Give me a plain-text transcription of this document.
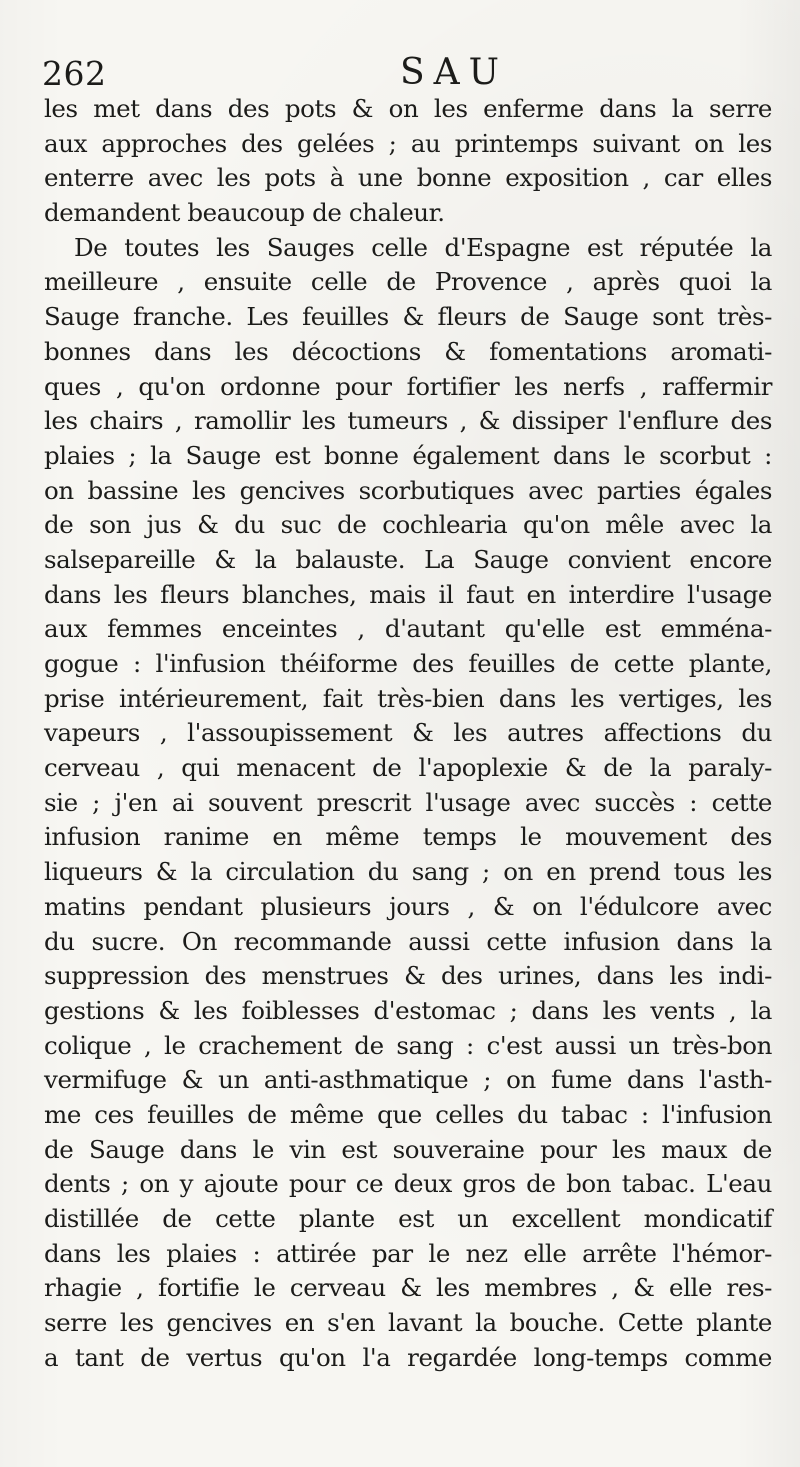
262	SAU
les met dans des pots & on les enferme dans la serre
aux approches des gelées ; au printemps suivant on les
enterre avec les pots à une bonne exposition , car elles
demandent beaucoup de chaleur.
De toutes les Sauges celle d'Espagne est réputée la
meilleure , ensuite celle de Provence , après quoi la
Sauge franche. Les feuilles & fleurs de Sauge sont très-
bonnes dans les décoctions & fomentations aromati-
ques , qu'on ordonne pour fortifier les nerfs , raffermir
les chairs , ramollir les tumeurs , & dissiper l'enflure des
plaies ; la Sauge est bonne également dans le scorbut :
on bassine les gencives scorbutiques avec parties égales
de son jus & du suc de cochlearia qu'on mêle avec la
salsepareille & la balauste. La Sauge convient encore
dans les fleurs blanches, mais il faut en interdire l'usage
aux femmes enceintes , d'autant qu'elle est emména-
gogue : l'infusion théiforme des feuilles de cette plante,
prise intérieurement, fait très-bien dans les vertiges, les
vapeurs , l'assoupissement & les autres affections du
cerveau , qui menacent de l'apoplexie & de la paraly-
sie ; j'en ai souvent prescrit l'usage avec succès : cette
infusion ranime en même temps le mouvement des
liqueurs & la circulation du sang ; on en prend tous les
matins pendant plusieurs jours , & on l'édulcore avec
du sucre. On recommande aussi cette infusion dans la
suppression des menstrues & des urines, dans les indi-
gestions & les foiblesses d'estomac ; dans les vents , la
colique , le crachement de sang : c'est aussi un très-bon
vermifuge & un anti-asthmatique ; on fume dans l'asth-
me ces feuilles de même que celles du tabac : l'infusion
de Sauge dans le vin est souveraine pour les maux de
dents ; on y ajoute pour ce deux gros de bon tabac. L'eau
distillée de cette plante est un excellent mondicatif
dans les plaies : attirée par le nez elle arrête l'hémor-
rhagie , fortifie le cerveau & les membres , & elle res-
serre les gencives en s'en lavant la bouche. Cette plante
a tant de vertus qu'on l'a regardée long-temps comme
